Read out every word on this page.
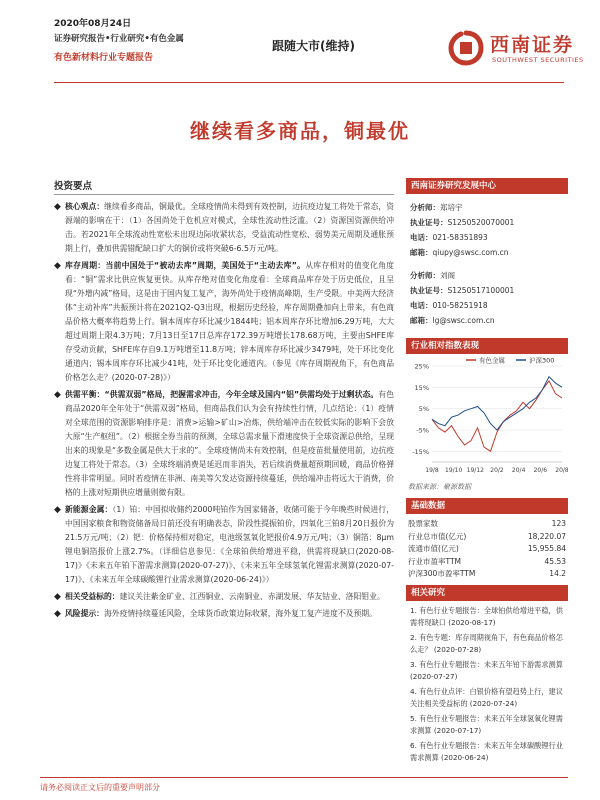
2020年08月24日
证券研究报告•行业研究•有色金属
有色新材料行业专题报告
跟随大市(维持)	西南证券
SOUTHWEST SECURITIES
继续看多商品，铜最优
投资要点
◆ 核心观点：继续看多商品，铜最优。全球疫情尚未得到有效控制，边抗疫边复工将处于常态，资源端的影响在于：（1）各国尚处于危机应对模式，全球性流动性泛滥。（2）资源国资源供给冲击。若2021年全球流动性宽松未出现边际收紧状态，受益流动性宽松、弱势美元周期及通胀预期上行，叠加供需错配缺口扩大的铜价或将突破6-6.5万元/吨。
◆ 库存周期：当前中国处于“被动去库”周期，美国处于“主动去库”。从库存相对的值变化角度看：“铜”需求比供应恢复更快。从库存绝对值变化角度看：全球商品库存处于历史低位，且呈现“外增内减”格局，这是由于国内复工复产，海外尚处于疫情高峰期，生产受限。中美两大经济体“主动补库”共振预计将在2021Q2-Q3出现，根据历史经验，库存周期叠加向上带来，有色商品价格大概率将趋势上行。铜本周库存环比减少1844吨；铝本周库存环比增加6.29万吨，大大超过周期上限4.3万吨；7月13日至17日总库存172.39万吨增长178.68万吨，主要由SHFE库存受动贡献，SHFE库存自9.1万吨增至11.8万吨；锌本周库存环比减少3479吨，处于环比变化通道内；锡本周库存环比减少41吨，处于环比变化通道内。（参见《库存周期视角下，有色商品价格怎么走？(2020-07-28)》）
◆ 供需平衡：“供需双弱”格局，把握需求冲击，今年全球及国内“铝”供需均处于过剩状态。有色商品2020年全年处于“供需双弱”格局，但商品我们认为会有持续性行情，几点结论：（1）疫情对全球范围的资源影响排序是：消费>运输>矿山>冶炼，供给端冲击在较低实际的影响下会放大原“生产枢纽”。（2）根据全券当前的预测，全球总需求量下滑速度快于全球资源总供给，呈现出来的现象是“多数金属是供大于求的”。全球疫情尚未有效控制，但是疫苗批量使用前，边抗疫边复工将处于常态。（3）全球终端消费是延迟而非消失，若后续消费量超预期回暖，商品价格弹性将非常明显。同时若疫情在非洲、南美等欠发达资源持续蔓延，供给端冲击将远大于消费，价格的上涨对短期供应增量则微有限。
◆ 新能源金属：（1）铂：中国拟收储约2000吨铂作为国家储备，收储可能于今年晚些时候进行，中国国家粮食和物资储备局日前还没有明确表态，阶段性提振铂价，四氧化三铂8月20日报价为21.5万元/吨；（2）钯：价格保持相对稳定，电池级氢氧化钯报价4.9万元/吨；（3）铜箔：8μm锂电铜箔报价上涨2.7%。（详细信息参见：《全球铂供给增进平稳，供需将现缺口(2020-08-17)》《未来五年铂下游需求测算(2020-07-27)》、《未来五年全球氢氧化锂需求测算(2020-07-17)》、《未来五年全球碳酸锂行业需求测算(2020-06-24)》）
◆ 相关受益标的：建议关注紫金矿业、江西铜业、云南铜业、赤湖发展、华友钴业、洛阳钼业。
◆ 风险提示：海外疫情持续蔓延风险，全球货币政策边际收紧，海外复工复产进度不及预期。
西南证券研究发展中心
分析师：郑培宇
执业证号：S1250520070001
电话：021-58351893
邮箱：qiupy@swsc.com.cn
分析师：刘阁
执业证号：S1250517100001
电话：010-58251918
邮箱：lg@swsc.com.cn
行业相对指数表现
25%
15%
5%
-5%
-15%
19/8 19/10 19/12 20/2 20/4 20/6 20/8
有色金属	沪深300
数据来源：聚源数据
基础数据
股票家数	123
行业总市值(亿元)	18,220.07
流通市值(亿元)	15,955.84
行业市盈率TTM	45.53
沪深300市盈率TTM	14.2
相关研究
1. 有色行业专题报告：全球铂供给增进平稳，供需将现缺口 (2020-08-17)
2. 有色专题：库存周期视角下，有色商品价格怎么走？ (2020-07-28)
3. 有色行业专题报告：未来五年铂下游需求测算 (2020-07-27)
4. 有色行业点评：白银价格有望趋势上行，建议关注相关受益标的 (2020-07-24)
5. 有色行业专题报告：未来五年全球氢氧化锂需求测算 (2020-07-17)
6. 有色行业专题报告：未来五年全球碳酸锂行业需求测算 (2020-06-24)
请务必阅读正文后的重要声明部分
